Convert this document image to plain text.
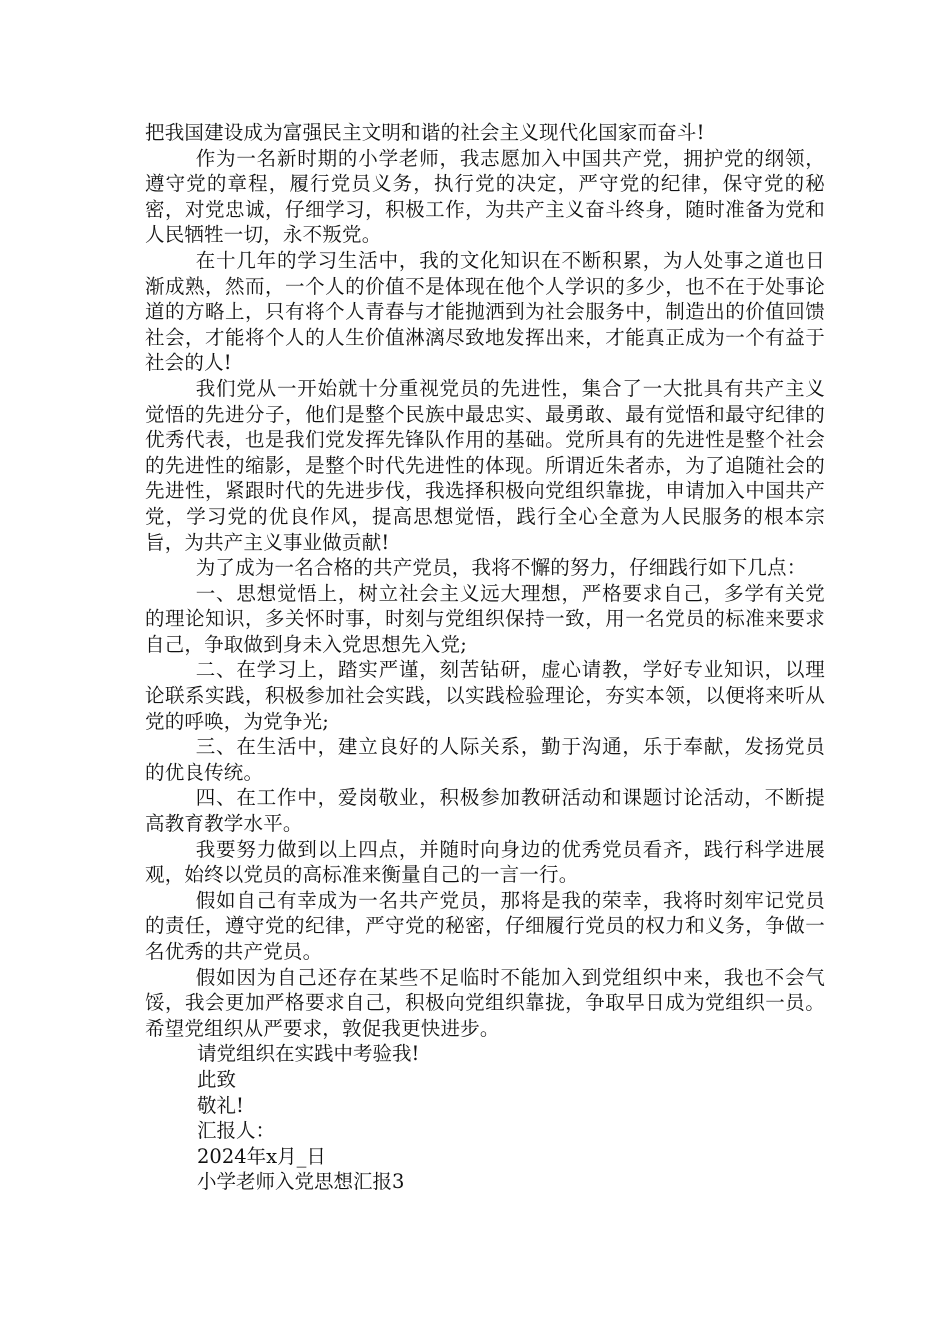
把我国建设成为富强民主文明和谐的社会主义现代化国家而奋斗!

作为一名新时期的小学老师，我志愿加入中国共产党，拥护党的纲领，遵守党的章程，履行党员义务，执行党的决定，严守党的纪律，保守党的秘密，对党忠诚，仔细学习，积极工作，为共产主义奋斗终身，随时准备为党和人民牺牲一切，永不叛党。

在十几年的学习生活中，我的文化知识在不断积累，为人处事之道也日渐成熟，然而，一个人的价值不是体现在他个人学识的多少，也不在于处事论道的方略上，只有将个人青春与才能抛洒到为社会服务中，制造出的价值回馈社会，才能将个人的人生价值淋漓尽致地发挥出来，才能真正成为一个有益于社会的人!

我们党从一开始就十分重视党员的先进性，集合了一大批具有共产主义觉悟的先进分子，他们是整个民族中最忠实、最勇敢、最有觉悟和最守纪律的优秀代表，也是我们党发挥先锋队作用的基础。党所具有的先进性是整个社会的先进性的缩影，是整个时代先进性的体现。所谓近朱者赤，为了追随社会的先进性，紧跟时代的先进步伐，我选择积极向党组织靠拢，申请加入中国共产党，学习党的优良作风，提高思想觉悟，践行全心全意为人民服务的根本宗旨，为共产主义事业做贡献!

为了成为一名合格的共产党员，我将不懈的努力，仔细践行如下几点：

一、思想觉悟上，树立社会主义远大理想，严格要求自己，多学有关党的理论知识，多关怀时事，时刻与党组织保持一致，用一名党员的标准来要求自己，争取做到身未入党思想先入党;

二、在学习上，踏实严谨，刻苦钻研，虚心请教，学好专业知识，以理论联系实践，积极参加社会实践，以实践检验理论，夯实本领，以便将来听从党的呼唤，为党争光;

三、在生活中，建立良好的人际关系，勤于沟通，乐于奉献，发扬党员的优良传统。

四、在工作中，爱岗敬业，积极参加教研活动和课题讨论活动，不断提高教育教学水平。

我要努力做到以上四点，并随时向身边的优秀党员看齐，践行科学进展观，始终以党员的高标准来衡量自己的一言一行。

假如自己有幸成为一名共产党员，那将是我的荣幸，我将时刻牢记党员的责任，遵守党的纪律，严守党的秘密，仔细履行党员的权力和义务，争做一名优秀的共产党员。

假如因为自己还存在某些不足临时不能加入到党组织中来，我也不会气馁，我会更加严格要求自己，积极向党组织靠拢，争取早日成为党组织一员。希望党组织从严要求，敦促我更快进步。

请党组织在实践中考验我!

此致

敬礼!

汇报人：

2024年x月_日

小学老师入党思想汇报3
